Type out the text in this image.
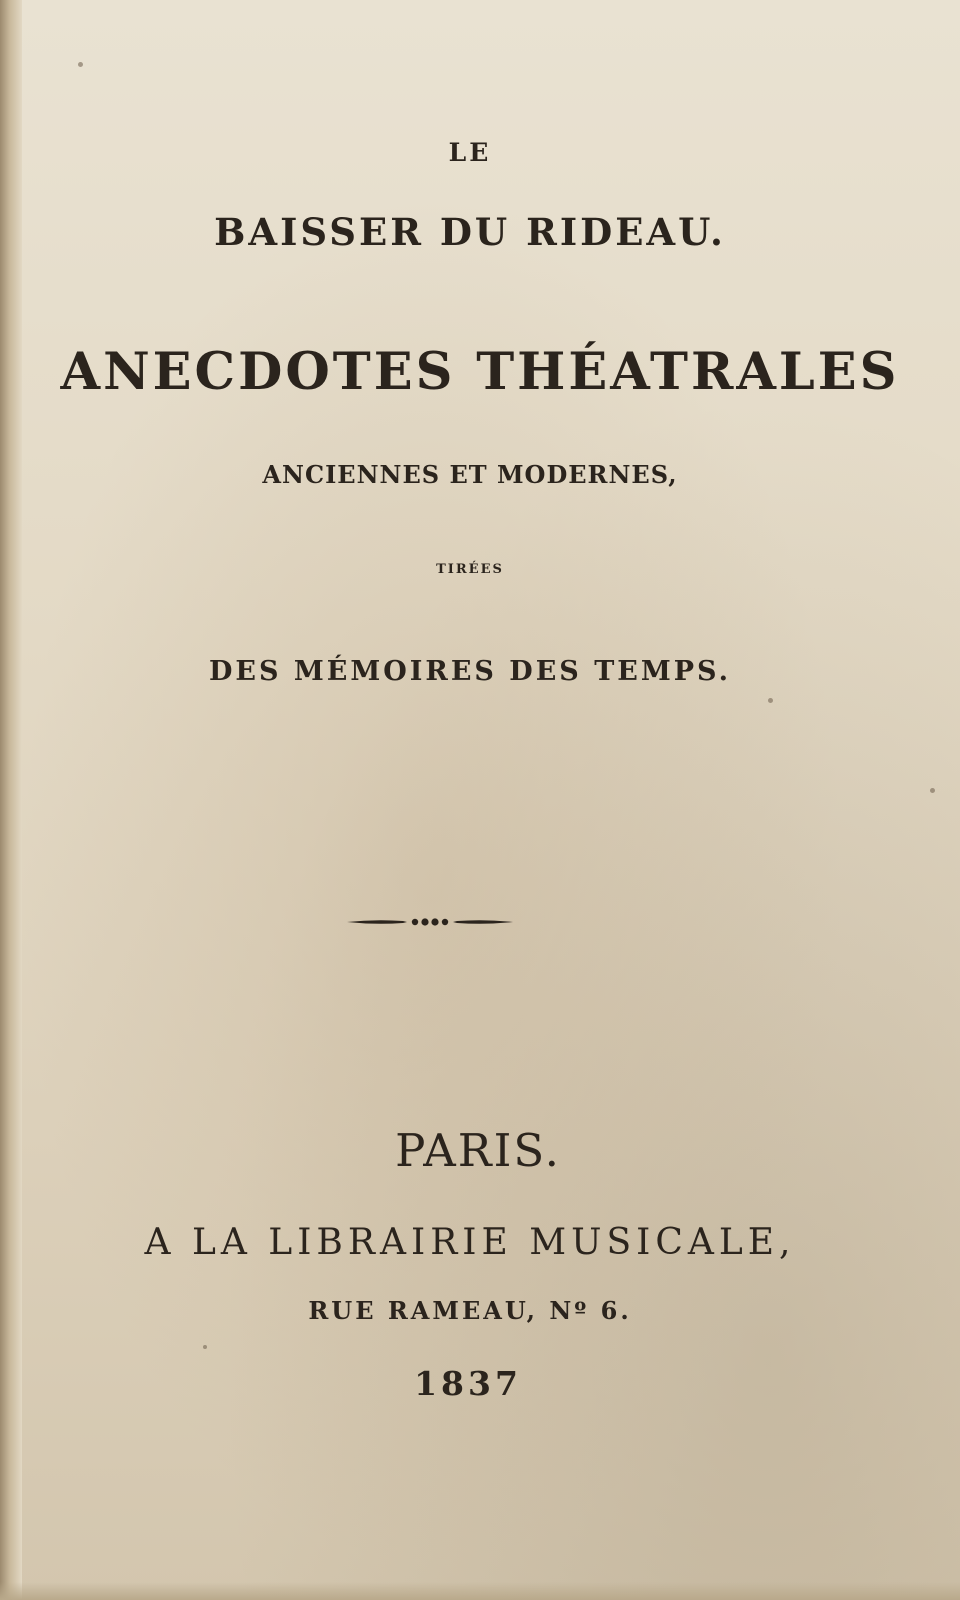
LE
BAISSER DU RIDEAU.
ANECDOTES THÉATRALES
ANCIENNES ET MODERNES,
TIRÉES
DES MÉMOIRES DES TEMPS.
PARIS.
A LA LIBRAIRIE MUSICALE,
RUE RAMEAU, Nº 6.
1837
